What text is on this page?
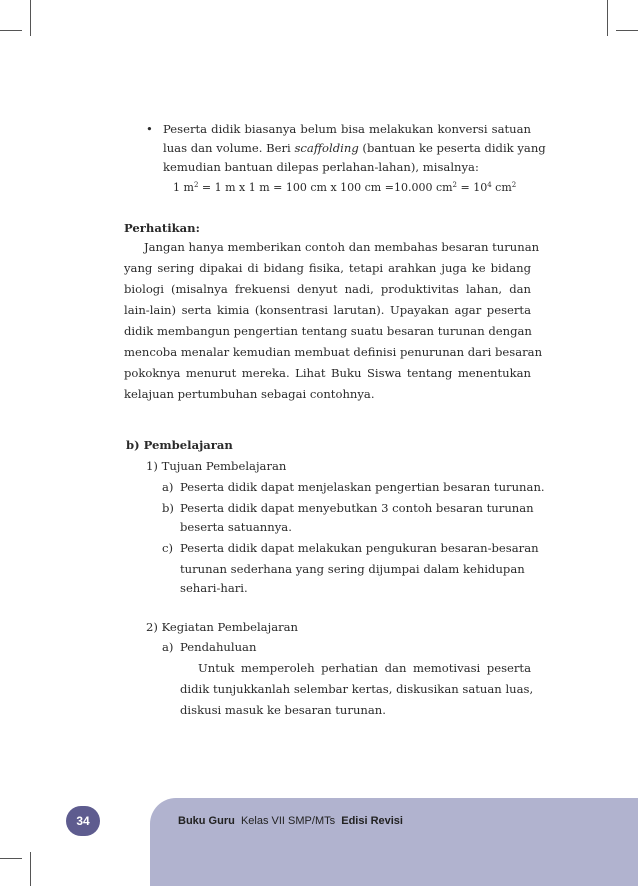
• Peserta didik biasanya belum bisa melakukan konversi satuan
luas dan volume. Beri scaffolding (bantuan ke peserta didik yang
kemudian bantuan dilepas perlahan-lahan), misalnya:
1 $m^2 = 1$ m x 1 m = 100 cm x 100 cm =10.000 $cm^2 = 10^4$ $cm^2$
Perhatikan:
Jangan hanya memberikan contoh dan membahas besaran turunan
yang sering dipakai di bidang fisika, tetapi arahkan juga ke bidang
biologi (misalnya frekuensi denyut nadi, produktivitas lahan, dan
lain-lain) serta kimia (konsentrasi larutan). Upayakan agar peserta
didik membangun pengertian tentang suatu besaran turunan dengan
mencoba menalar kemudian membuat definisi penurunan dari besaran
pokoknya menurut mereka. Lihat Buku Siswa tentang menentukan
kelajuan pertumbuhan sebagai contohnya.
b) Pembelajaran
1) Tujuan Pembelajaran
a) Peserta didik dapat menjelaskan pengertian besaran turunan.
b) Peserta didik dapat menyebutkan 3 contoh besaran turunan
beserta satuannya.
c) Peserta didik dapat melakukan pengukuran besaran-besaran
turunan sederhana yang sering dijumpai dalam kehidupan
sehari-hari.
2) Kegiatan Pembelajaran
a) Pendahuluan
Untuk memperoleh perhatian dan memotivasi peserta
didik tunjukkanlah selembar kertas, diskusikan satuan luas,
diskusi masuk ke besaran turunan.
34	Buku Guru Kelas VII SMP/MTs Edisi Revisi
